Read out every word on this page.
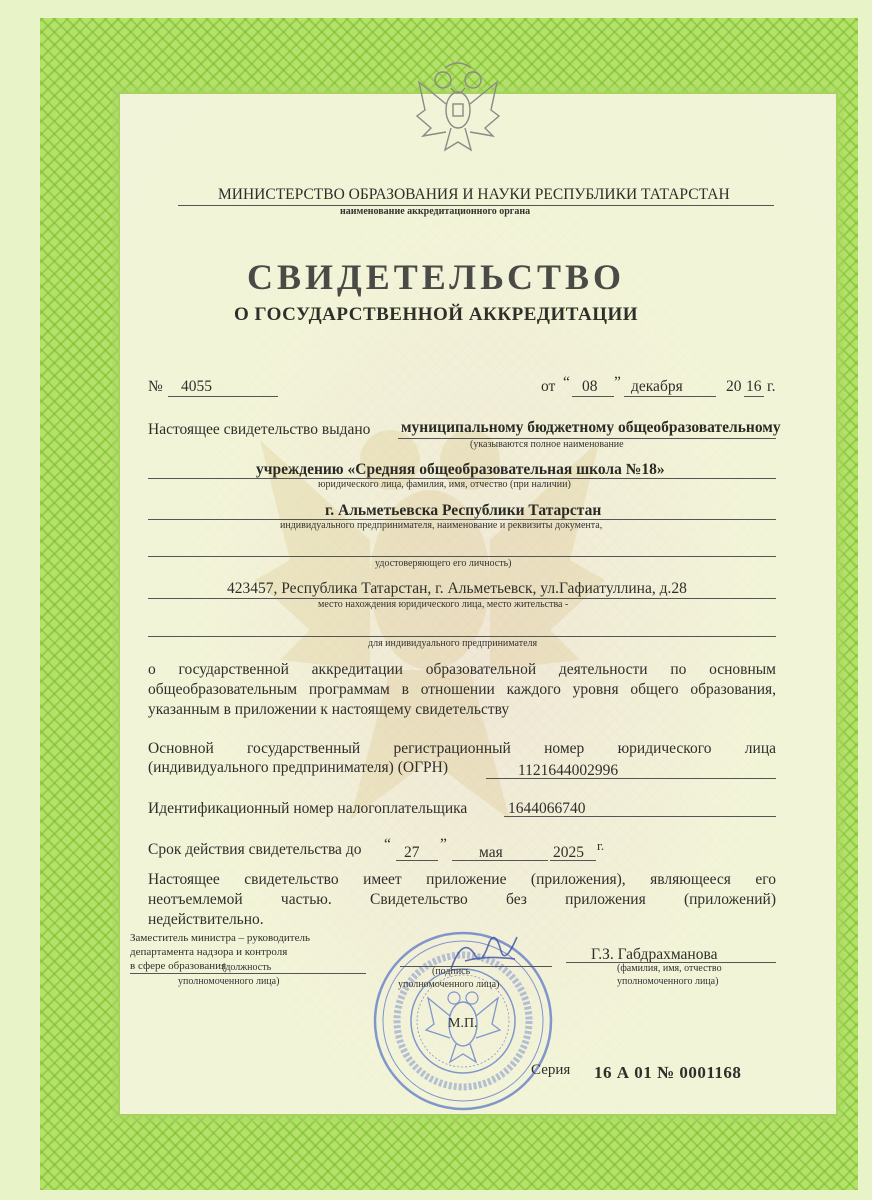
МИНИСТЕРСТВО ОБРАЗОВАНИЯ И НАУКИ РЕСПУБЛИКИ ТАТАРСТАН
наименование аккредитационного органа
СВИДЕТЕЛЬСТВО
О ГОСУДАРСТВЕННОЙ АККРЕДИТАЦИИ
№ 4055	от “ 08 ” декабря	20 16 г.
Настоящее свидетельство выдано муниципальному бюджетному общеобразовательному
(указываются полное наименование
учреждению «Средняя общеобразовательная школа №18»
юридического лица, фамилия, имя, отчество (при наличии)
г. Альметьевска Республики Татарстан
индивидуального предпринимателя, наименование и реквизиты документа,
удостоверяющего его личность)
423457, Республика Татарстан, г. Альметьевск, ул.Гафиатуллина, д.28
место нахождения юридического лица, место жительства -
для индивидуального предпринимателя
о государственной аккредитации образовательной деятельности по основным
общеобразовательным программам в отношении каждого уровня общего образования,
указанным в приложении к настоящему свидетельству
Основной государственный регистрационный номер юридического лица
(индивидуального предпринимателя) (ОГРН)	1121644002996
Идентификационный номер налогоплательщика	1644066740
Срок действия свидетельства до “ 27 ” мая	2025 г.
Настоящее свидетельство имеет приложение (приложения), являющееся его
неотъемлемой частью. Свидетельство без приложения (приложений)
недействительно.
Заместитель министра – руководитель
департамента надзора и контроля
в сфере образования
(должность
уполномоченного лица)
(подпись
уполномоченного лица)
Г.З. Габдрахманова
(фамилия, имя, отчество
уполномоченного лица)
М.П.
Серия 16 А 01 № 0001168
